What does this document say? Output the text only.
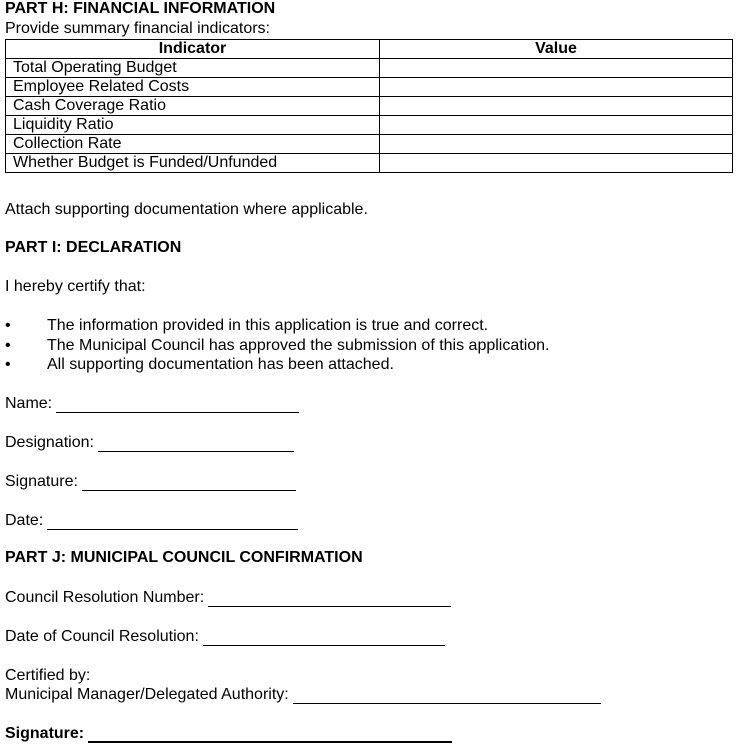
PART H: FINANCIAL INFORMATION
Provide summary financial indicators:
Indicator	Value
Total Operating Budget	
Employee Related Costs	
Cash Coverage Ratio	
Liquidity Ratio	
Collection Rate	
Whether Budget is Funded/Unfunded	
Attach supporting documentation where applicable.
PART I: DECLARATION
I hereby certify that:
• The information provided in this application is true and correct.
• The Municipal Council has approved the submission of this application.
• All supporting documentation has been attached.
Name:
Designation:
Signature:
Date:
PART J: MUNICIPAL COUNCIL CONFIRMATION
Council Resolution Number:
Date of Council Resolution:
Certified by:
Municipal Manager/Delegated Authority:
Signature:
